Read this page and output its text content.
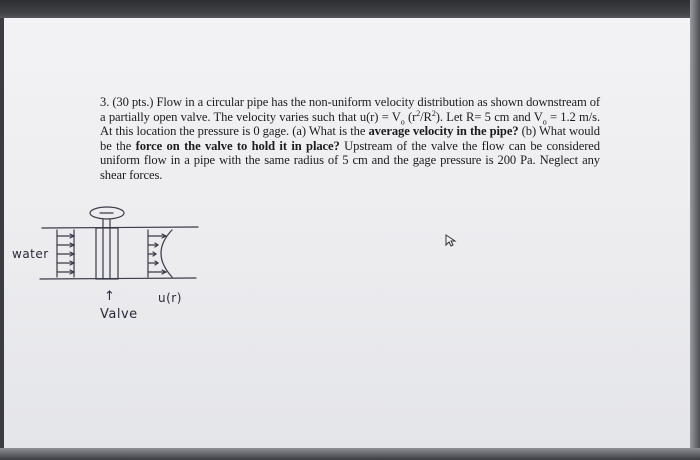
3. (30 pts.) Flow in a circular pipe has the non-uniform velocity distribution as shown downstream of a partially open valve. The velocity varies such that $u(r) = V_o$ $(r^2/R^2)$. Let R= 5 cm and $V_o = 1.2$ m/s. At this location the pressure is 0 gage. (a) What is the average velocity in the pipe? (b) What would be the force on the valve to hold it in place? Upstream of the valve the flow can be considered uniform flow in a pipe with the same radius of 5 cm and the gage pressure is 200 Pa. Neglect any shear forces.
water
↑
Valve
u(r)
